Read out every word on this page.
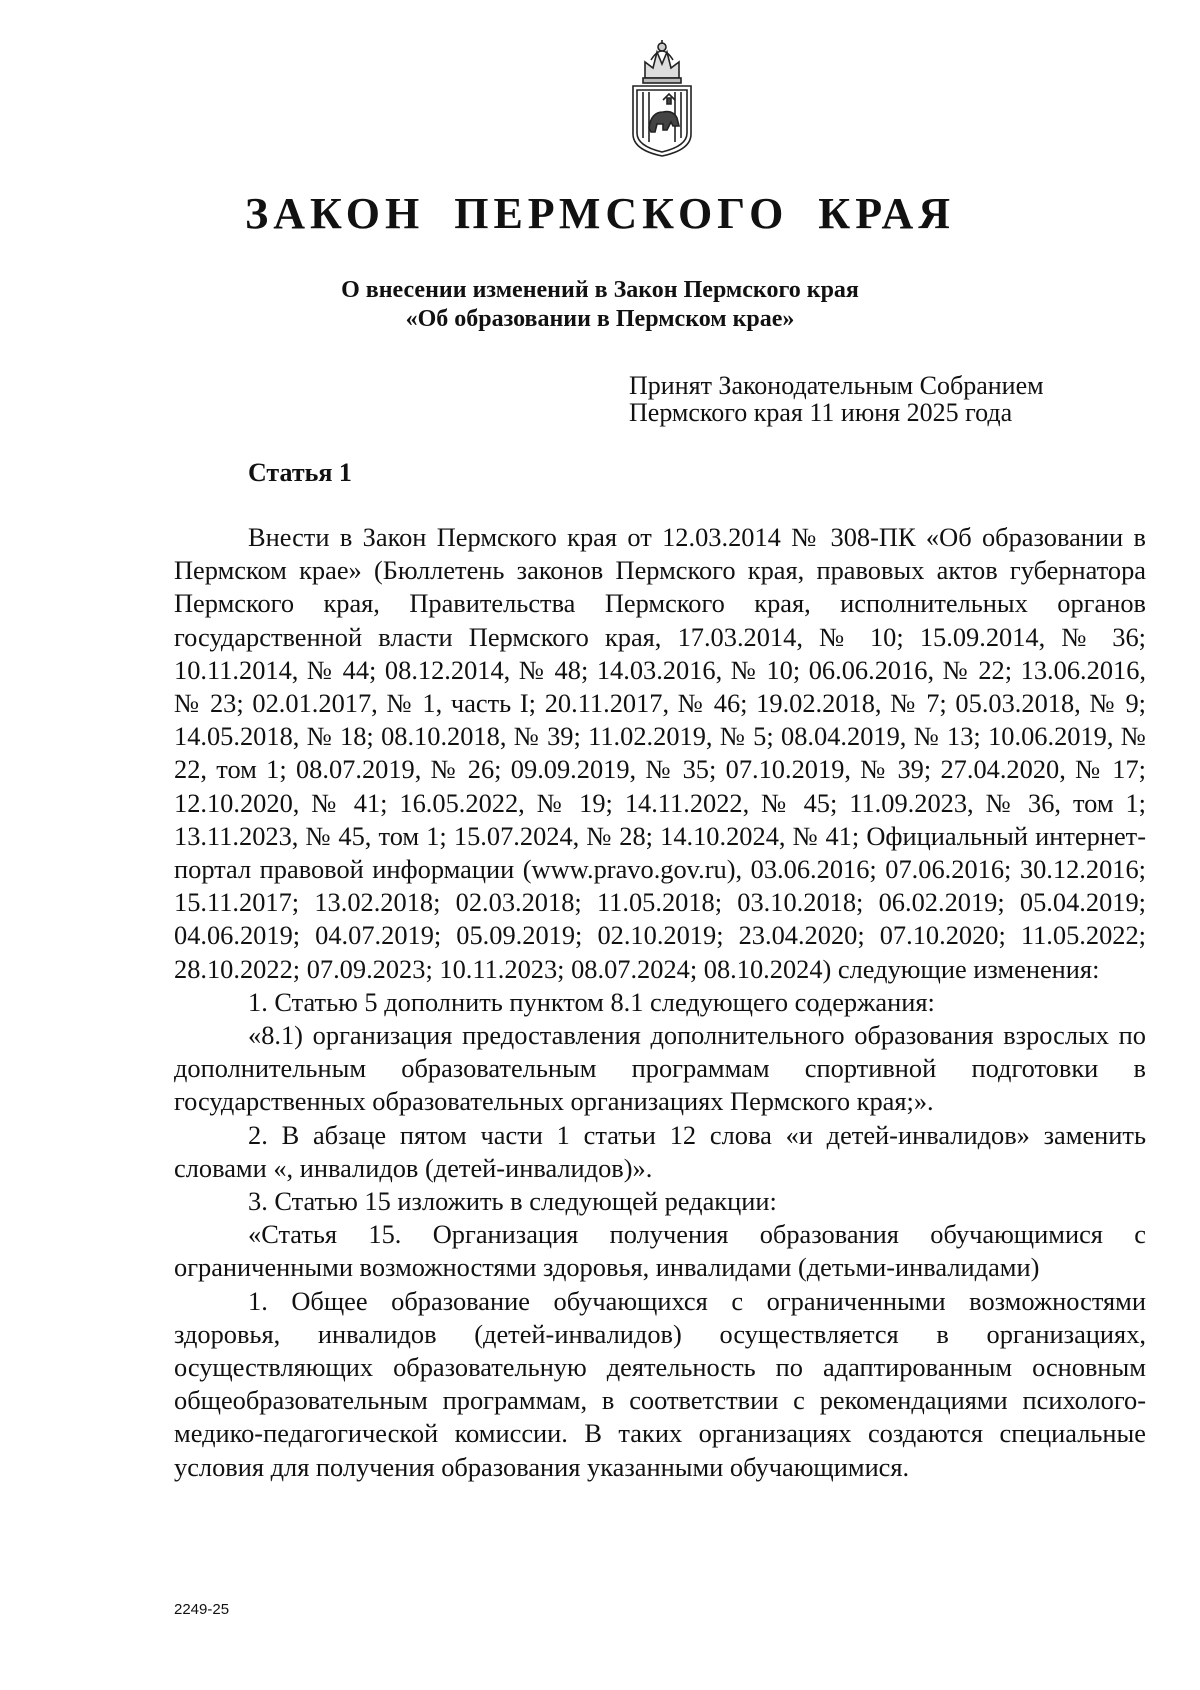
ЗАКОН ПЕРМСКОГО КРАЯ
О внесении изменений в Закон Пермского края
«Об образовании в Пермском крае»
Принят Законодательным Собранием
Пермского края 11 июня 2025 года
Статья 1

Внести в Закон Пермского края от 12.03.2014 № 308-ПК «Об образовании в Пермском крае» (Бюллетень законов Пермского края, правовых актов губернатора Пермского края, Правительства Пермского края, исполнительных органов государственной власти Пермского края, 17.03.2014, № 10; 15.09.2014, № 36; 10.11.2014, № 44; 08.12.2014, № 48; 14.03.2016, № 10; 06.06.2016, № 22; 13.06.2016, № 23; 02.01.2017, № 1, часть I; 20.11.2017, № 46; 19.02.2018, № 7; 05.03.2018, № 9; 14.05.2018, № 18; 08.10.2018, № 39; 11.02.2019, № 5; 08.04.2019, № 13; 10.06.2019, № 22, том 1; 08.07.2019, № 26; 09.09.2019, № 35; 07.10.2019, № 39; 27.04.2020, № 17; 12.10.2020, № 41; 16.05.2022, № 19; 14.11.2022, № 45; 11.09.2023, № 36, том 1; 13.11.2023, № 45, том 1; 15.07.2024, № 28; 14.10.2024, № 41; Официальный интернет-портал правовой информации (www.pravo.gov.ru), 03.06.2016; 07.06.2016; 30.12.2016; 15.11.2017; 13.02.2018; 02.03.2018; 11.05.2018; 03.10.2018; 06.02.2019; 05.04.2019; 04.06.2019; 04.07.2019; 05.09.2019; 02.10.2019; 23.04.2020; 07.10.2020; 11.05.2022; 28.10.2022; 07.09.2023; 10.11.2023; 08.07.2024; 08.10.2024) следующие изменения:

1. Статью 5 дополнить пунктом 8.1 следующего содержания:

«8.1) организация предоставления дополнительного образования взрослых по дополнительным образовательным программам спортивной подготовки в государственных образовательных организациях Пермского края;».

2. В абзаце пятом части 1 статьи 12 слова «и детей-инвалидов» заменить словами «, инвалидов (детей-инвалидов)».

3. Статью 15 изложить в следующей редакции:

«Статья 15. Организация получения образования обучающимися с ограниченными возможностями здоровья, инвалидами (детьми-инвалидами)

1. Общее образование обучающихся с ограниченными возможностями здоровья, инвалидов (детей-инвалидов) осуществляется в организациях, осуществляющих образовательную деятельность по адаптированным основным общеобразовательным программам, в соответствии с рекомендациями психолого-медико-педагогической комиссии. В таких организациях создаются специальные условия для получения образования указанными обучающимися.

2249-25
